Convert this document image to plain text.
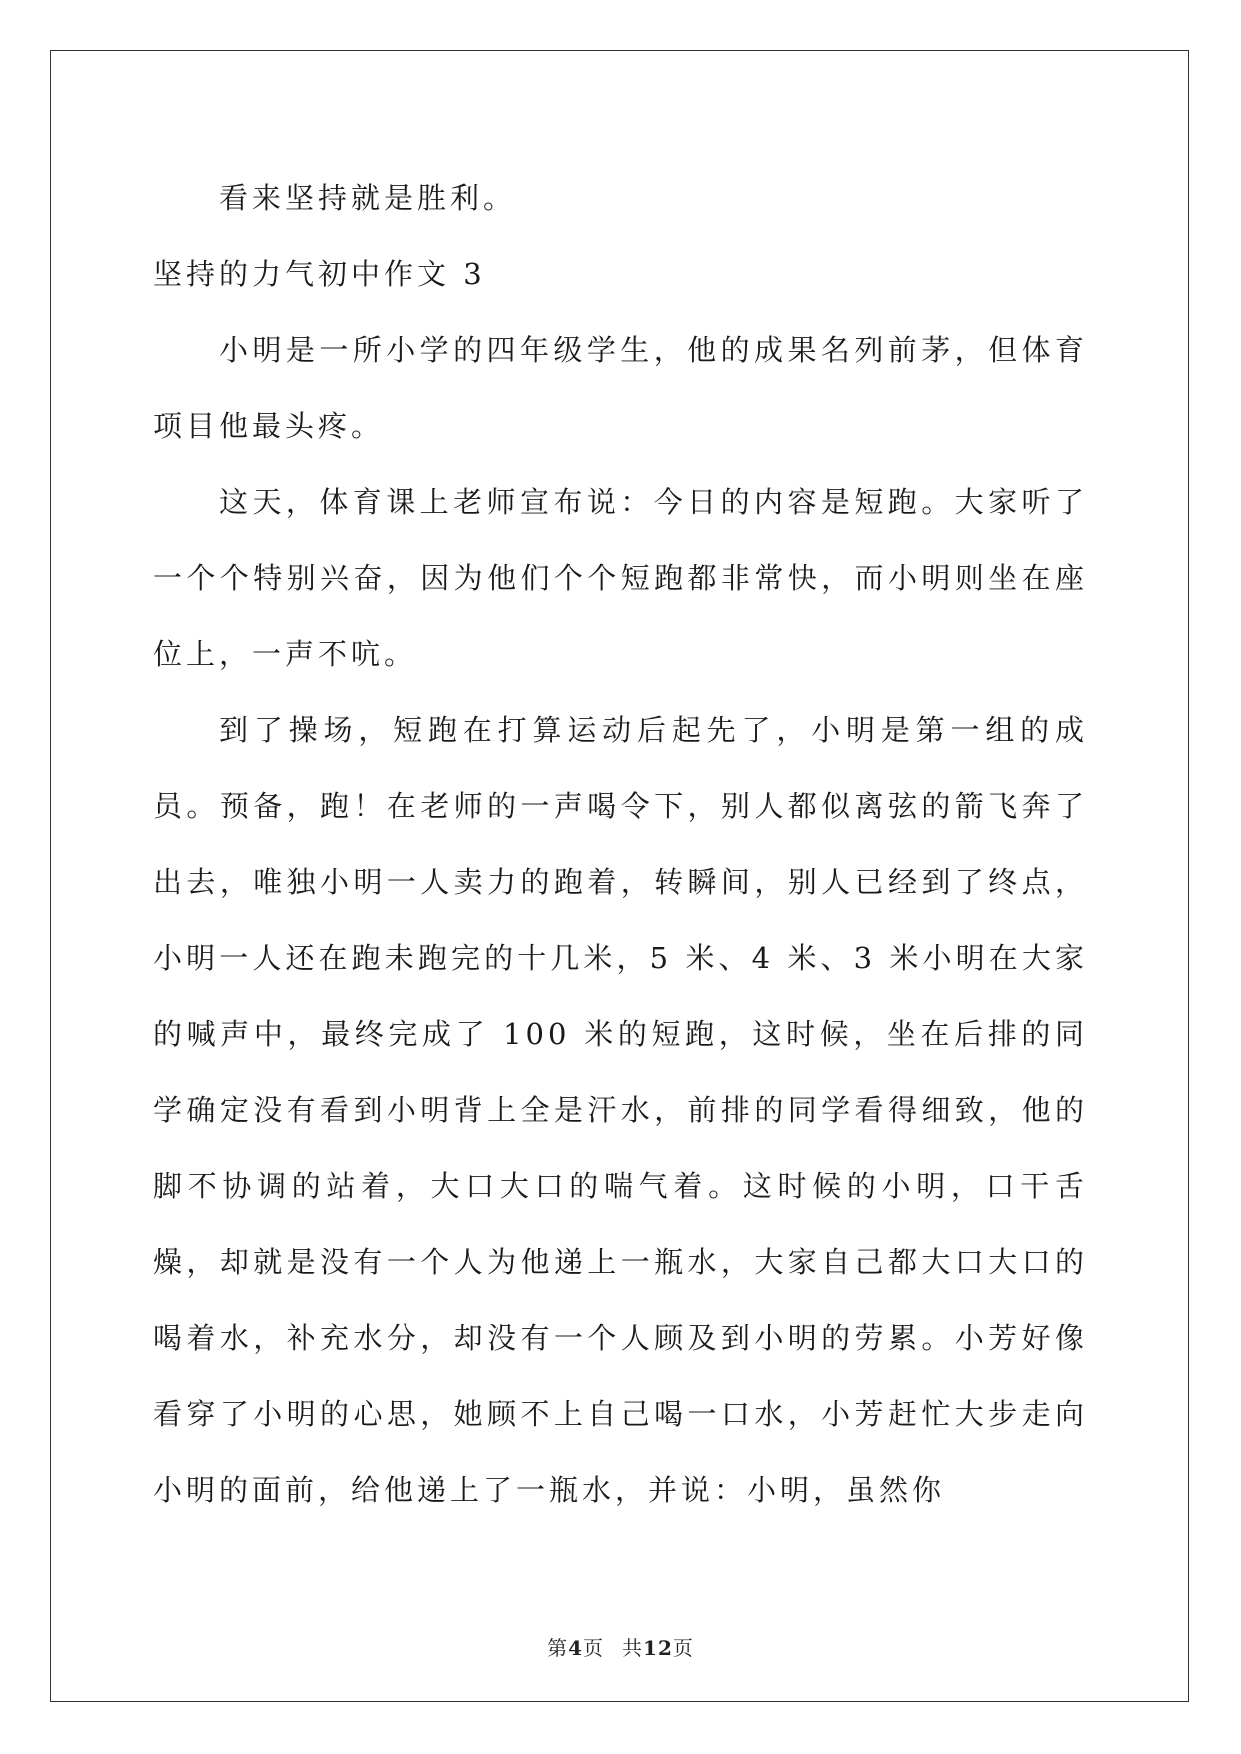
看来坚持就是胜利。

坚持的力气初中作文 3

小明是一所小学的四年级学生，他的成果名列前茅，但体育项目他最头疼。

这天，体育课上老师宣布说：今日的内容是短跑。大家听了一个个特别兴奋，因为他们个个短跑都非常快，而小明则坐在座位上，一声不吭。

到了操场，短跑在打算运动后起先了，小明是第一组的成员。预备，跑！在老师的一声喝令下，别人都似离弦的箭飞奔了出去，唯独小明一人卖力的跑着，转瞬间，别人已经到了终点，小明一人还在跑未跑完的十几米，5 米、4 米、3 米小明在大家的喊声中，最终完成了 100 米的短跑，这时候，坐在后排的同学确定没有看到小明背上全是汗水，前排的同学看得细致，他的脚不协调的站着，大口大口的喘气着。这时候的小明，口干舌燥，却就是没有一个人为他递上一瓶水，大家自己都大口大口的喝着水，补充水分，却没有一个人顾及到小明的劳累。小芳好像看穿了小明的心思，她顾不上自己喝一口水，小芳赶忙大步走向小明的面前，给他递上了一瓶水，并说：小明，虽然你

第4页 共12页
